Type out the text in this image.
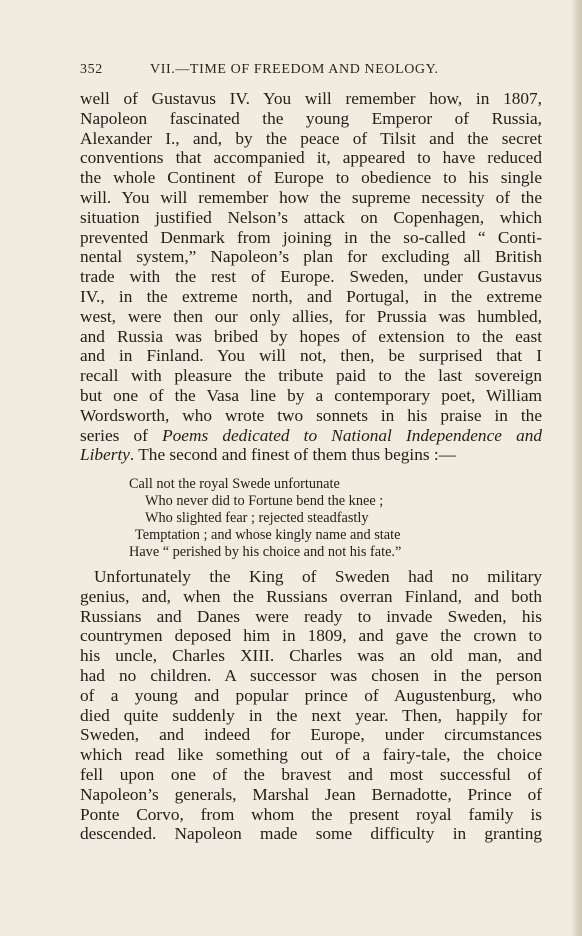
352	VII.—TIME OF FREEDOM AND NEOLOGY.
well of Gustavus IV. You will remember how, in 1807,
Napoleon fascinated the young Emperor of Russia,
Alexander I., and, by the peace of Tilsit and the secret
conventions that accompanied it, appeared to have reduced
the whole Continent of Europe to obedience to his single
will. You will remember how the supreme necessity of the
situation justified Nelson’s attack on Copenhagen, which
prevented Denmark from joining in the so-called “ Conti-
nental system,” Napoleon’s plan for excluding all British
trade with the rest of Europe. Sweden, under Gustavus
IV., in the extreme north, and Portugal, in the extreme
west, were then our only allies, for Prussia was humbled,
and Russia was bribed by hopes of extension to the east
and in Finland. You will not, then, be surprised that I
recall with pleasure the tribute paid to the last sovereign
but one of the Vasa line by a contemporary poet, William
Wordsworth, who wrote two sonnets in his praise in the
series of Poems dedicated to National Independence and
Liberty. The second and finest of them thus begins :—
Call not the royal Swede unfortunate
Who never did to Fortune bend the knee ;
Who slighted fear ; rejected steadfastly
Temptation ; and whose kingly name and state
Have “ perished by his choice and not his fate.”
Unfortunately the King of Sweden had no military
genius, and, when the Russians overran Finland, and both
Russians and Danes were ready to invade Sweden, his
countrymen deposed him in 1809, and gave the crown to
his uncle, Charles XIII. Charles was an old man, and
had no children. A successor was chosen in the person
of a young and popular prince of Augustenburg, who
died quite suddenly in the next year. Then, happily for
Sweden, and indeed for Europe, under circumstances
which read like something out of a fairy-tale, the choice
fell upon one of the bravest and most successful of
Napoleon’s generals, Marshal Jean Bernadotte, Prince of
Ponte Corvo, from whom the present royal family is
descended. Napoleon made some difficulty in granting
